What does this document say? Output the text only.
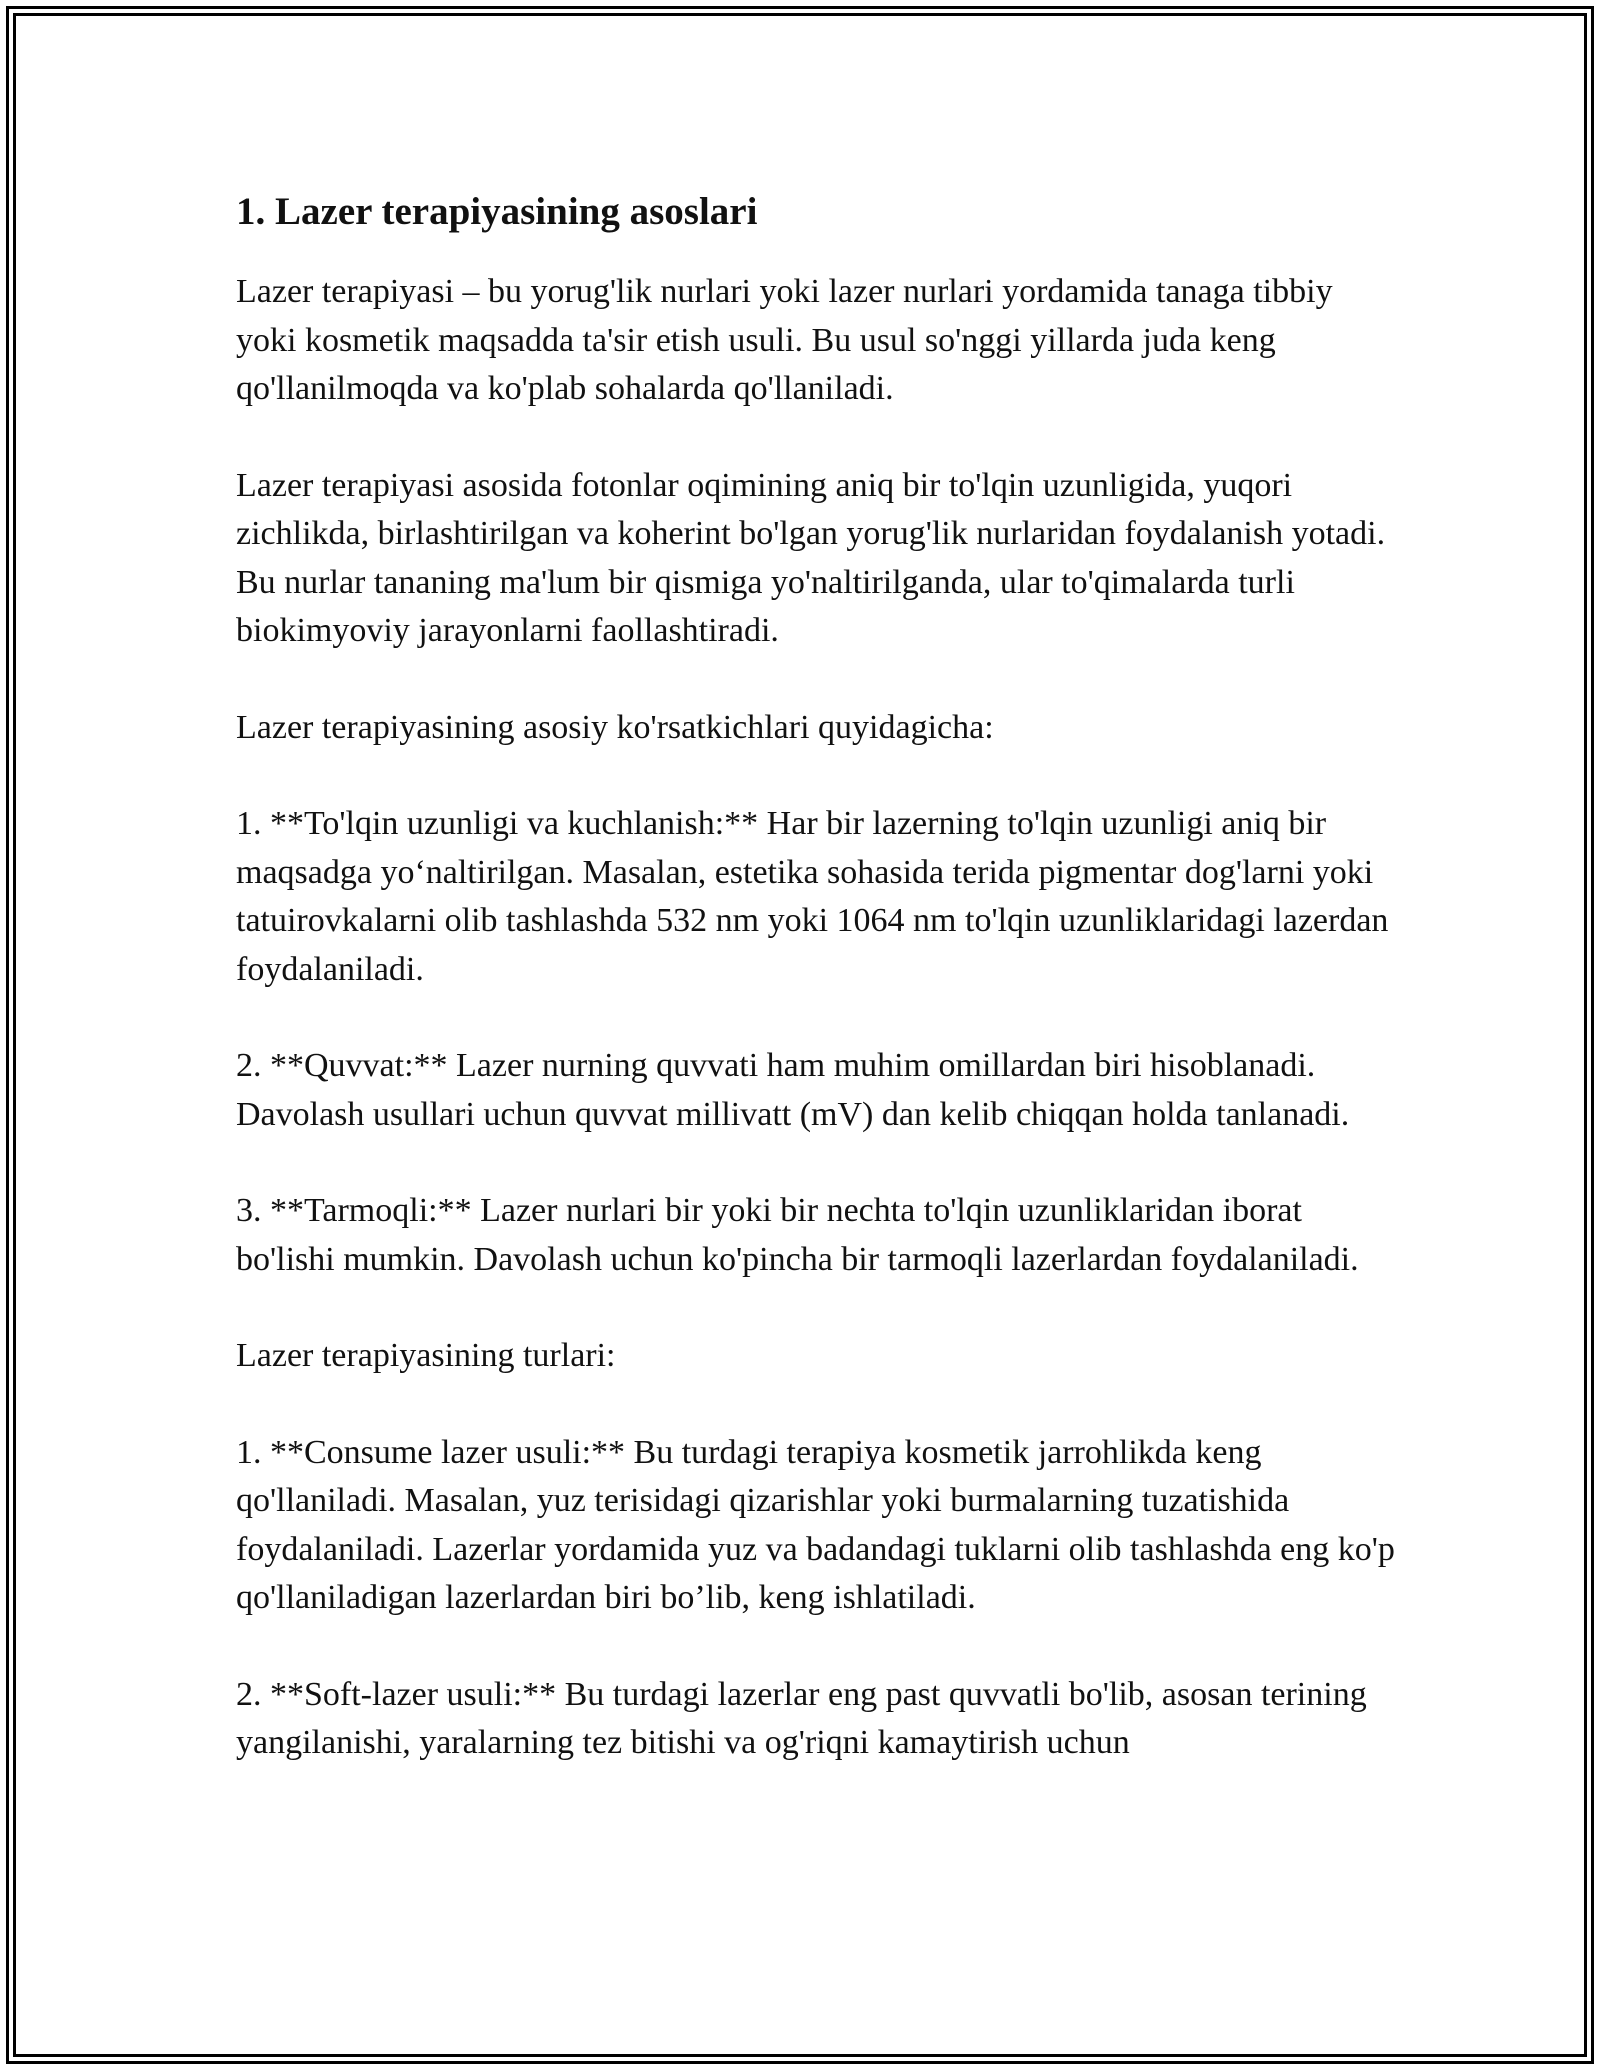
1. Lazer terapiyasining asoslari

Lazer terapiyasi – bu yorug'lik nurlari yoki lazer nurlari yordamida tanaga tibbiy yoki kosmetik maqsadda ta'sir etish usuli. Bu usul so'nggi yillarda juda keng qo'llanilmoqda va ko'plab sohalarda qo'llaniladi.

Lazer terapiyasi asosida fotonlar oqimining aniq bir to'lqin uzunligida, yuqori zichlikda, birlashtirilgan va koherint bo'lgan yorug'lik nurlaridan foydalanish yotadi. Bu nurlar tananing ma'lum bir qismiga yo'naltirilganda, ular to'qimalarda turli biokimyoviy jarayonlarni faollashtiradi.

Lazer terapiyasining asosiy ko'rsatkichlari quyidagicha:

1. **To'lqin uzunligi va kuchlanish:** Har bir lazerning to'lqin uzunligi aniq bir maqsadga yoʻnaltirilgan. Masalan, estetika sohasida terida pigmentar dog'larni yoki tatuirovkalarni olib tashlashda 532 nm yoki 1064 nm to'lqin uzunliklaridagi lazerdan foydalaniladi.

2. **Quvvat:** Lazer nurning quvvati ham muhim omillardan biri hisoblanadi. Davolash usullari uchun quvvat millivatt (mV) dan kelib chiqqan holda tanlanadi.

3. **Tarmoqli:** Lazer nurlari bir yoki bir nechta to'lqin uzunliklaridan iborat bo'lishi mumkin. Davolash uchun ko'pincha bir tarmoqli lazerlardan foydalaniladi.

Lazer terapiyasining turlari:

1. **Consume lazer usuli:** Bu turdagi terapiya kosmetik jarrohlikda keng qo'llaniladi. Masalan, yuz terisidagi qizarishlar yoki burmalarning tuzatishida foydalaniladi. Lazerlar yordamida yuz va badandagi tuklarni olib tashlashda eng ko'p qo'llaniladigan lazerlardan biri bo’lib, keng ishlatiladi.

2. **Soft-lazer usuli:** Bu turdagi lazerlar eng past quvvatli bo'lib, asosan terining yangilanishi, yaralarning tez bitishi va og'riqni kamaytirish uchun
